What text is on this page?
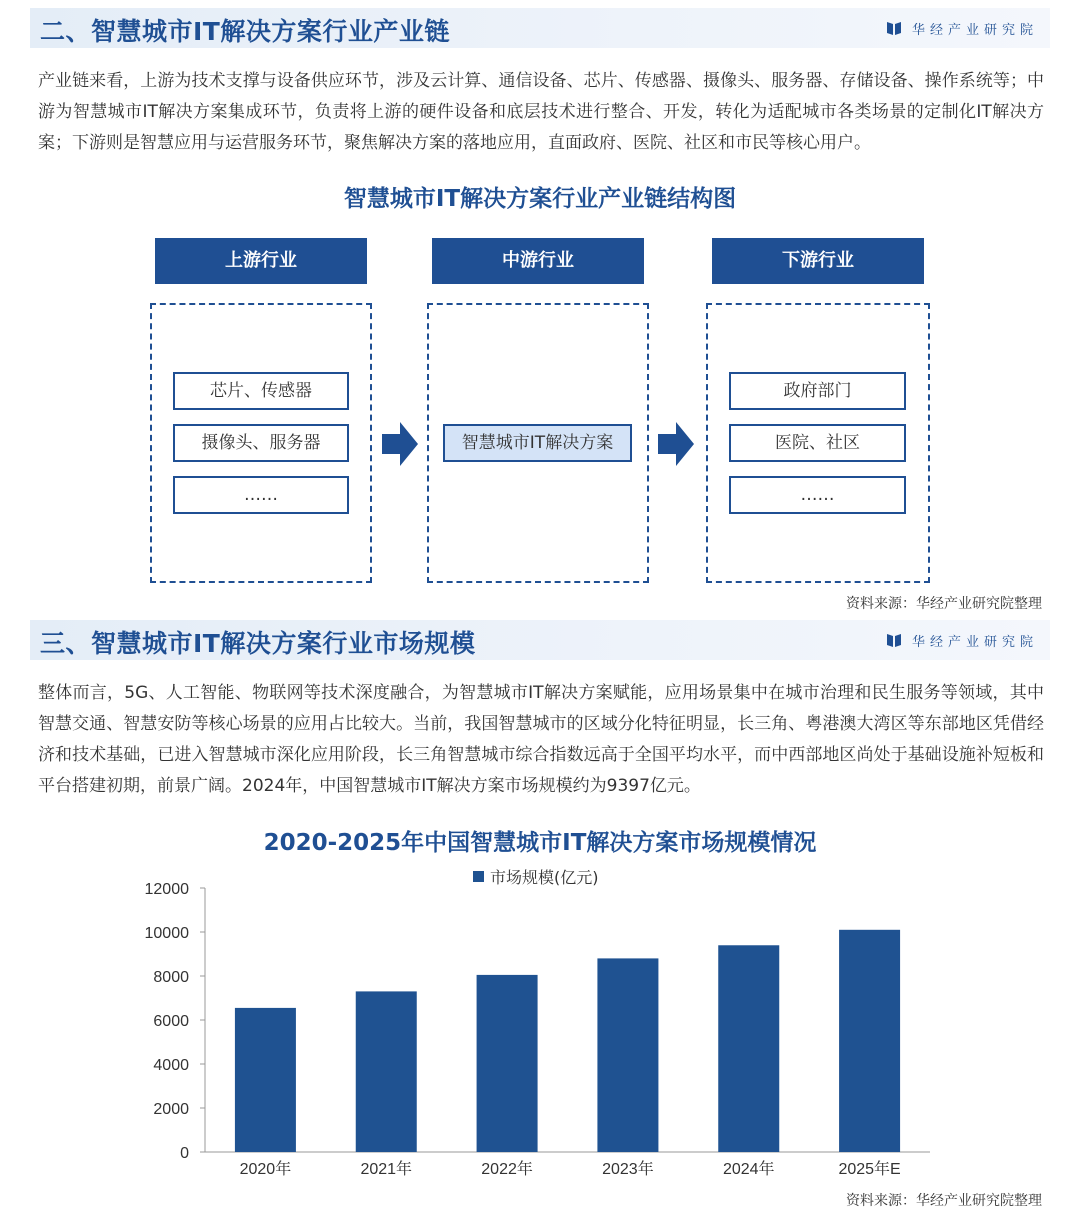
二、智慧城市IT解决方案行业产业链	华经产业研究院
产业链来看，上游为技术支撑与设备供应环节，涉及云计算、通信设备、芯片、传感器、摄像头、服务器、存储设备、操作系统等；中游为智慧城市IT解决方案集成环节，负责将上游的硬件设备和底层技术进行整合、开发，转化为适配城市各类场景的定制化IT解决方案；下游则是智慧应用与运营服务环节，聚焦解决方案的落地应用，直面政府、医院、社区和市民等核心用户。
智慧城市IT解决方案行业产业链结构图
上游行业	中游行业	下游行业
芯片、传感器
摄像头、服务器
……
智慧城市IT解决方案
政府部门
医院、社区
……
资料来源：华经产业研究院整理
三、智慧城市IT解决方案行业市场规模	华经产业研究院
整体而言，5G、人工智能、物联网等技术深度融合，为智慧城市IT解决方案赋能，应用场景集中在城市治理和民生服务等领域，其中智慧交通、智慧安防等核心场景的应用占比较大。当前，我国智慧城市的区域分化特征明显，长三角、粤港澳大湾区等东部地区凭借经济和技术基础，已进入智慧城市深化应用阶段，长三角智慧城市综合指数远高于全国平均水平，而中西部地区尚处于基础设施补短板和平台搭建初期，前景广阔。2024年，中国智慧城市IT解决方案市场规模约为9397亿元。
2020-2025年中国智慧城市IT解决方案市场规模情况
0
2000
4000
6000
8000
10000
12000
2020年	2021年	2022年	2023年	2024年	2025年E
市场规模(亿元)
资料来源：华经产业研究院整理
